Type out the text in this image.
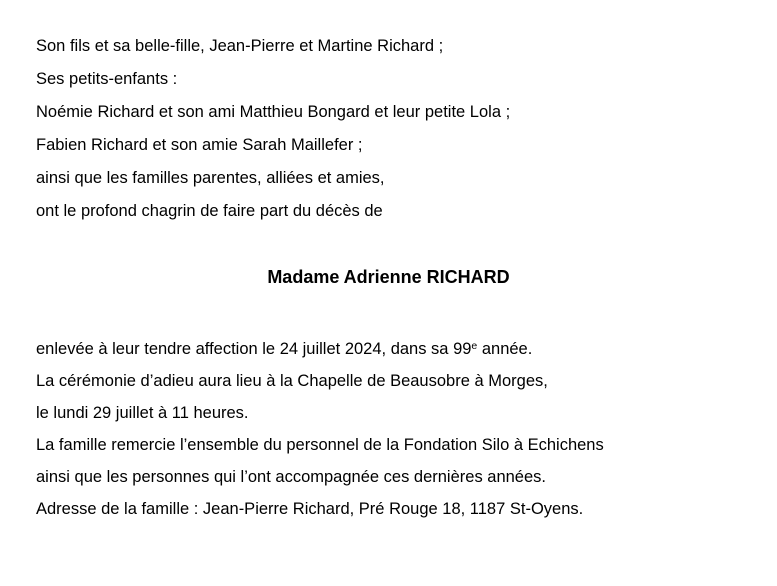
Son fils et sa belle-fille, Jean-Pierre et Martine Richard ;
Ses petits-enfants :
Noémie Richard et son ami Matthieu Bongard et leur petite Lola ;
Fabien Richard et son amie Sarah Maillefer ;
ainsi que les familles parentes, alliées et amies,
ont le profond chagrin de faire part du décès de
Madame Adrienne RICHARD
enlevée à leur tendre affection le 24 juillet 2024, dans sa 99e année.
La cérémonie d’adieu aura lieu à la Chapelle de Beausobre à Morges,
le lundi 29 juillet à 11 heures.
La famille remercie l’ensemble du personnel de la Fondation Silo à Echichens
ainsi que les personnes qui l’ont accompagnée ces dernières années.
Adresse de la famille : Jean-Pierre Richard, Pré Rouge 18, 1187 St-Oyens.
